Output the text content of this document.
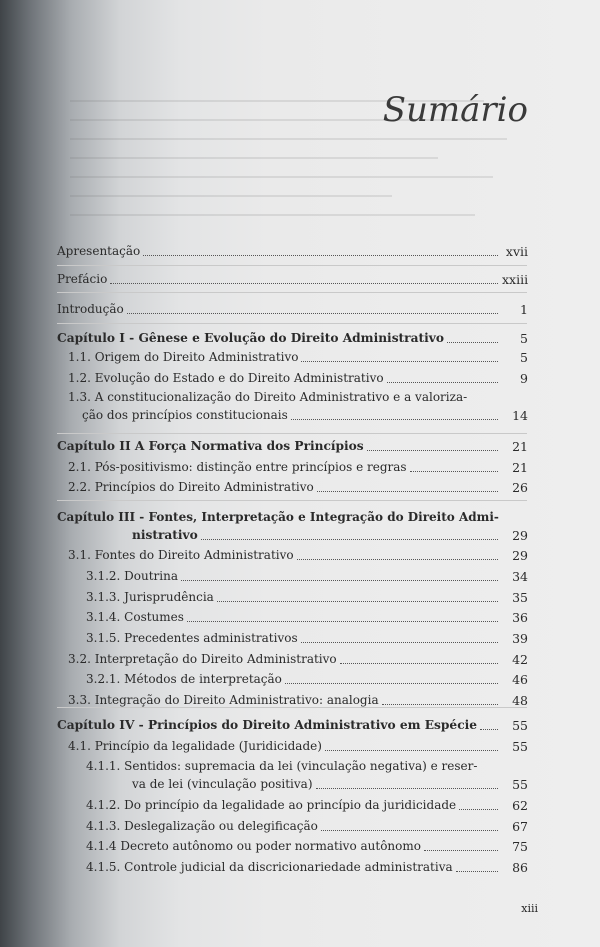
Sumário
Apresentação	xvii
Prefácio	xxiii
Introdução	1
Capítulo I - Gênese e Evolução do Direito Administrativo	5
1.1. Origem do Direito Administrativo	5
1.2. Evolução do Estado e do Direito Administrativo	9
1.3. A constitucionalização do Direito Administrativo e a valoriza-
ção dos princípios constitucionais	14
Capítulo II A Força Normativa dos Princípios	21
2.1. Pós-positivismo: distinção entre princípios e regras	21
2.2. Princípios do Direito Administrativo	26
Capítulo III - Fontes, Interpretação e Integração do Direito Admi-
nistrativo	29
3.1. Fontes do Direito Administrativo	29
3.1.2. Doutrina	34
3.1.3. Jurisprudência	35
3.1.4. Costumes	36
3.1.5. Precedentes administrativos	39
3.2. Interpretação do Direito Administrativo	42
3.2.1. Métodos de interpretação	46
3.3. Integração do Direito Administrativo: analogia	48
Capítulo IV - Princípios do Direito Administrativo em Espécie	55
4.1. Princípio da legalidade (Juridicidade)	55
4.1.1. Sentidos: supremacia da lei (vinculação negativa) e reser-
va de lei (vinculação positiva)	55
4.1.2. Do princípio da legalidade ao princípio da juridicidade	62
4.1.3. Deslegalização ou delegificação	67
4.1.4 Decreto autônomo ou poder normativo autônomo	75
4.1.5. Controle judicial da discricionariedade administrativa	86
xiii
